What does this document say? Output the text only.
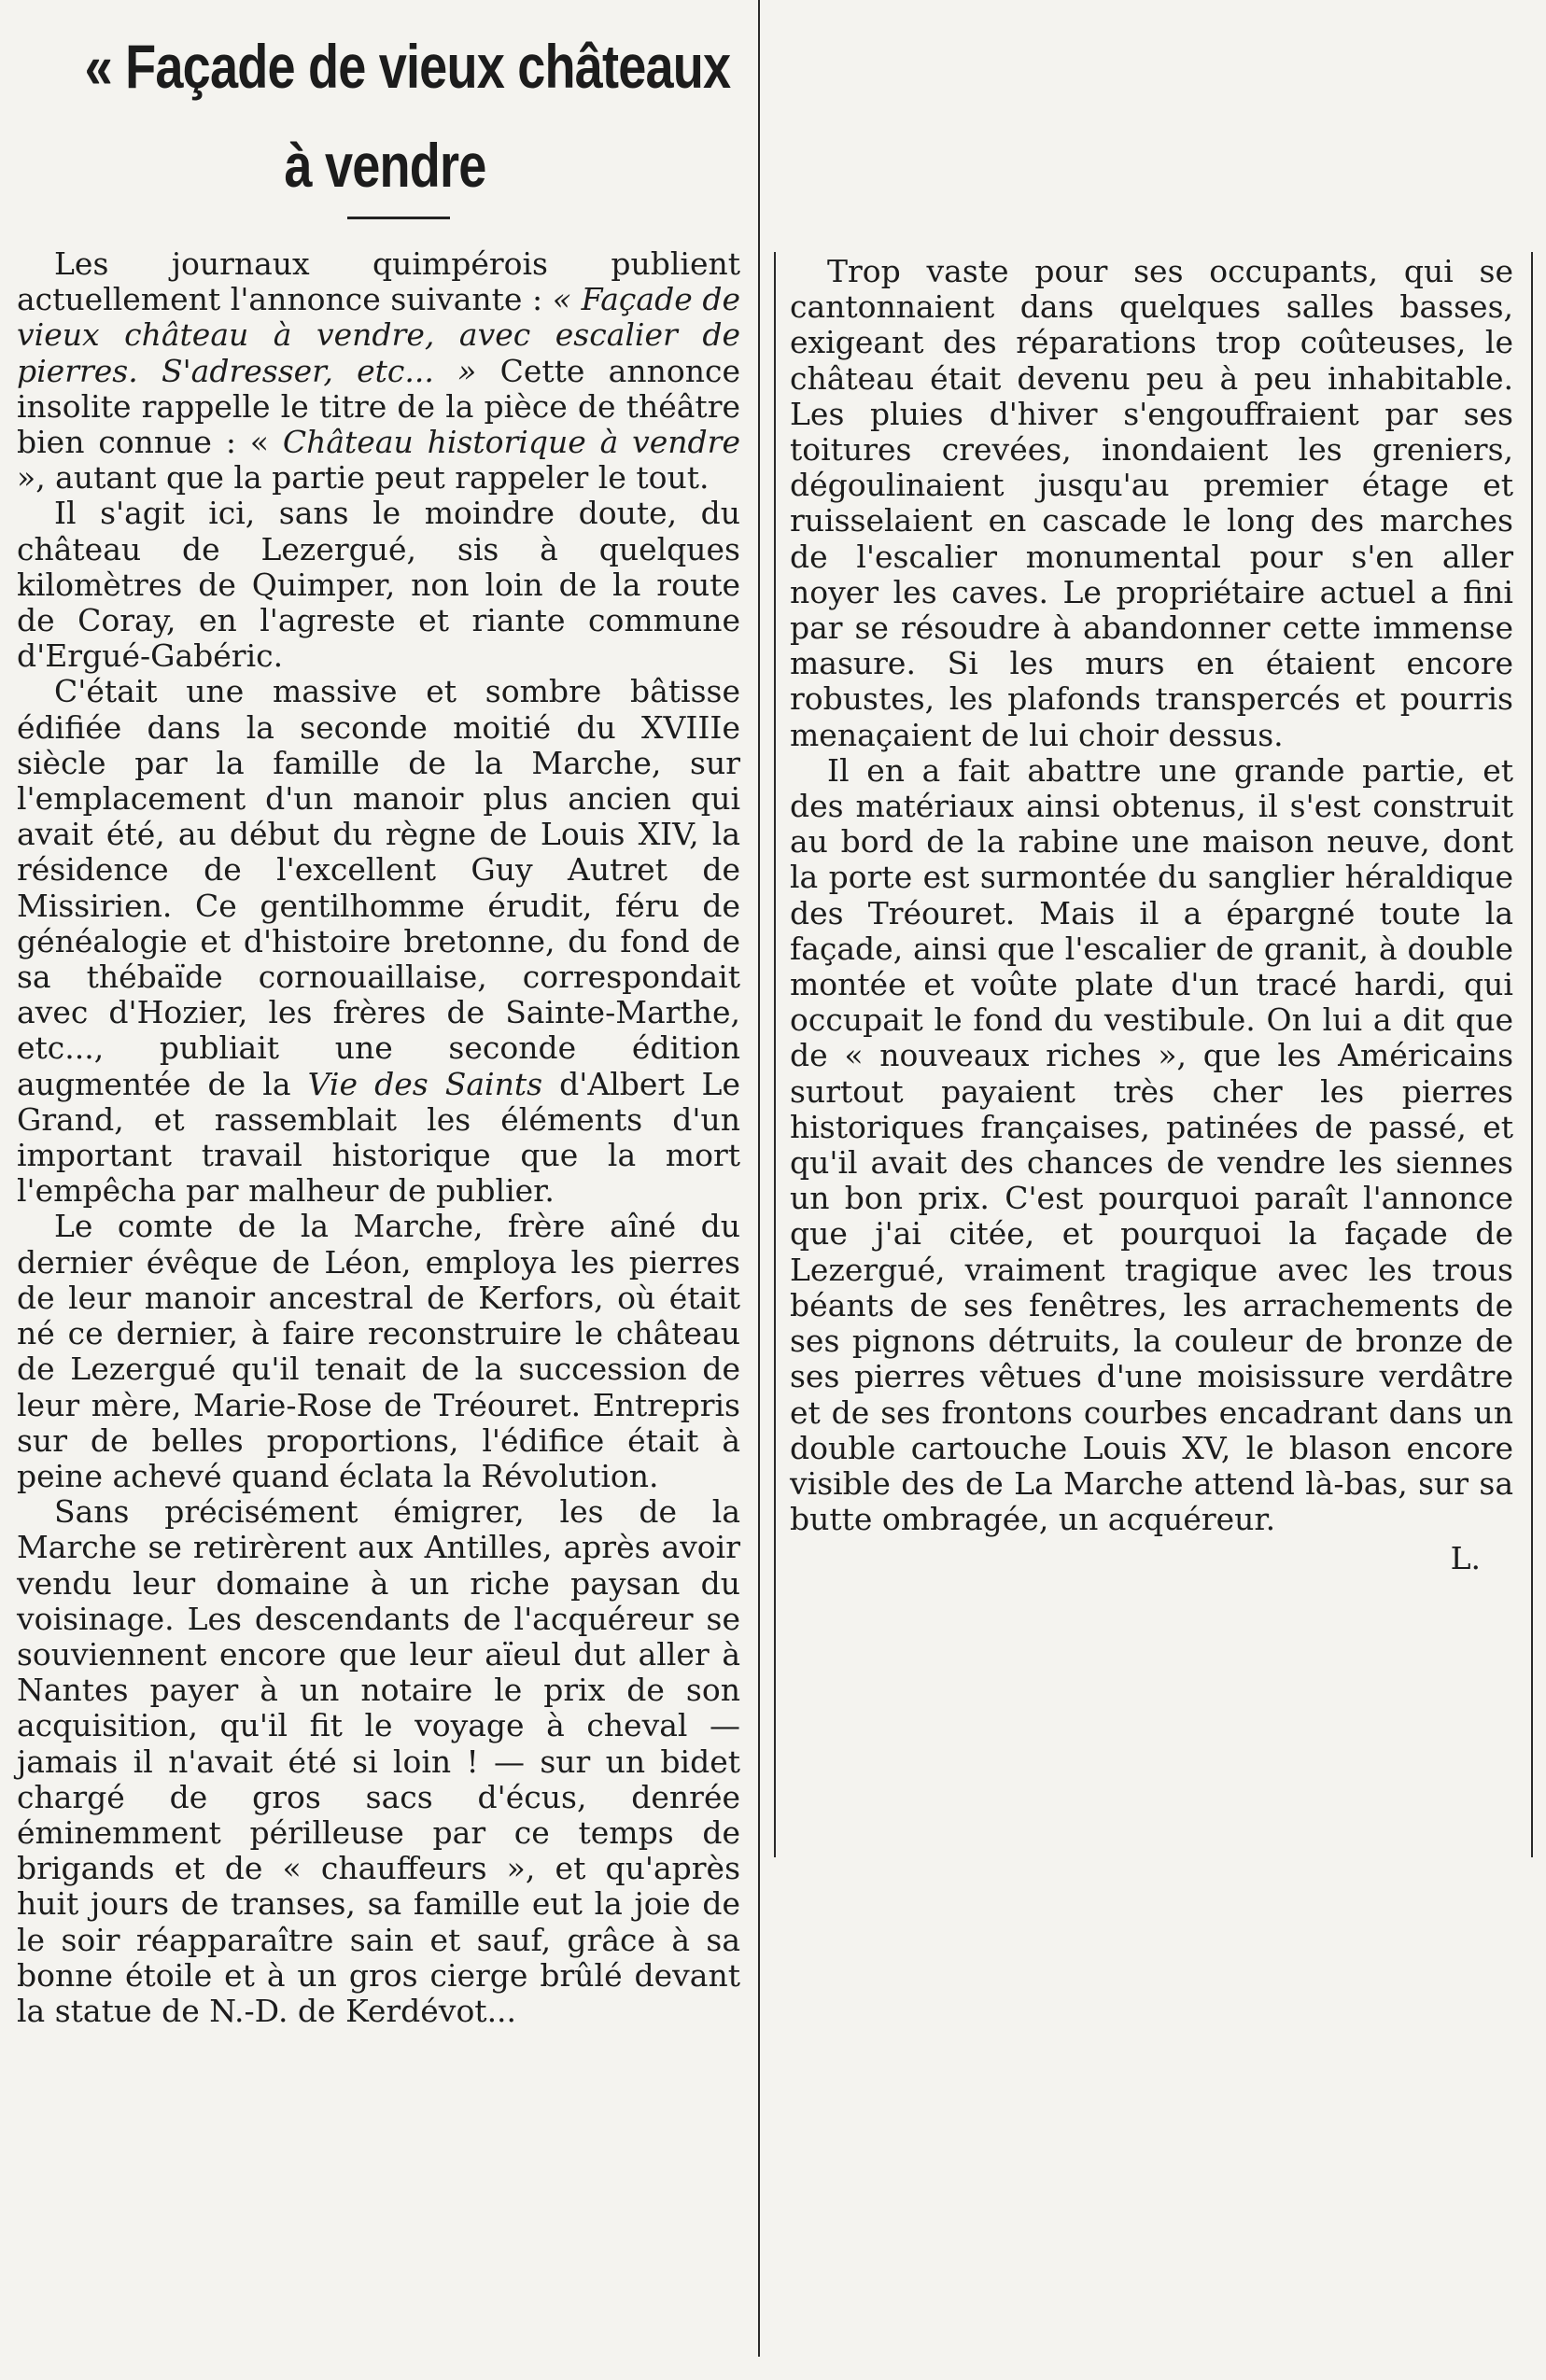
« Façade de vieux châteaux
à vendre

Les journaux quimpérois publient actuellement l'annonce suivante : « Façade de vieux château à vendre, avec escalier de pierres. S'adresser, etc... » Cette annonce insolite rappelle le titre de la pièce de théâtre bien connue : « Château historique à vendre », autant que la partie peut rappeler le tout.

Il s'agit ici, sans le moindre doute, du château de Lezergué, sis à quelques kilomètres de Quimper, non loin de la route de Coray, en l'agreste et riante commune d'Ergué-Gabéric.

C'était une massive et sombre bâtisse édifiée dans la seconde moitié du XVIIIe siècle par la famille de la Marche, sur l'emplacement d'un manoir plus ancien qui avait été, au début du règne de Louis XIV, la résidence de l'excellent Guy Autret de Missirien. Ce gentilhomme érudit, féru de généalogie et d'histoire bretonne, du fond de sa thébaïde cornouaillaise, correspondait avec d'Hozier, les frères de Sainte-Marthe, etc..., publiait une seconde édition augmentée de la Vie des Saints d'Albert Le Grand, et rassemblait les éléments d'un important travail historique que la mort l'empêcha par malheur de publier.

Le comte de la Marche, frère aîné du dernier évêque de Léon, employa les pierres de leur manoir ancestral de Kerfors, où était né ce dernier, à faire reconstruire le château de Lezergué qu'il tenait de la succession de leur mère, Marie-Rose de Tréouret. Entrepris sur de belles proportions, l'édifice était à peine achevé quand éclata la Révolution.

Sans précisément émigrer, les de la Marche se retirèrent aux Antilles, après avoir vendu leur domaine à un riche paysan du voisinage. Les descendants de l'acquéreur se souviennent encore que leur aïeul dut aller à Nantes payer à un notaire le prix de son acquisition, qu'il fit le voyage à cheval — jamais il n'avait été si loin ! — sur un bidet chargé de gros sacs d'écus, denrée éminemment périlleuse par ce temps de brigands et de « chauffeurs », et qu'après huit jours de transes, sa famille eut la joie de le soir réapparaître sain et sauf, grâce à sa bonne étoile et à un gros cierge brûlé devant la statue de N.-D. de Kerdévot...

Trop vaste pour ses occupants, qui se cantonnaient dans quelques salles basses, exigeant des réparations trop coûteuses, le château était devenu peu à peu inhabitable. Les pluies d'hiver s'engouffraient par ses toitures crevées, inondaient les greniers, dégoulinaient jusqu'au premier étage et ruisselaient en cascade le long des marches de l'escalier monumental pour s'en aller noyer les caves. Le propriétaire actuel a fini par se résoudre à abandonner cette immense masure. Si les murs en étaient encore robustes, les plafonds transpercés et pourris menaçaient de lui choir dessus.

Il en a fait abattre une grande partie, et des matériaux ainsi obtenus, il s'est construit au bord de la rabine une maison neuve, dont la porte est surmontée du sanglier héraldique des Tréouret. Mais il a épargné toute la façade, ainsi que l'escalier de granit, à double montée et voûte plate d'un tracé hardi, qui occupait le fond du vestibule. On lui a dit que de « nouveaux riches », que les Américains surtout payaient très cher les pierres historiques françaises, patinées de passé, et qu'il avait des chances de vendre les siennes un bon prix. C'est pourquoi paraît l'annonce que j'ai citée, et pourquoi la façade de Lezergué, vraiment tragique avec les trous béants de ses fenêtres, les arrachements de ses pignons détruits, la couleur de bronze de ses pierres vêtues d'une moisissure verdâtre et de ses frontons courbes encadrant dans un double cartouche Louis XV, le blason encore visible des de La Marche attend là-bas, sur sa butte ombragée, un acquéreur.

L.
